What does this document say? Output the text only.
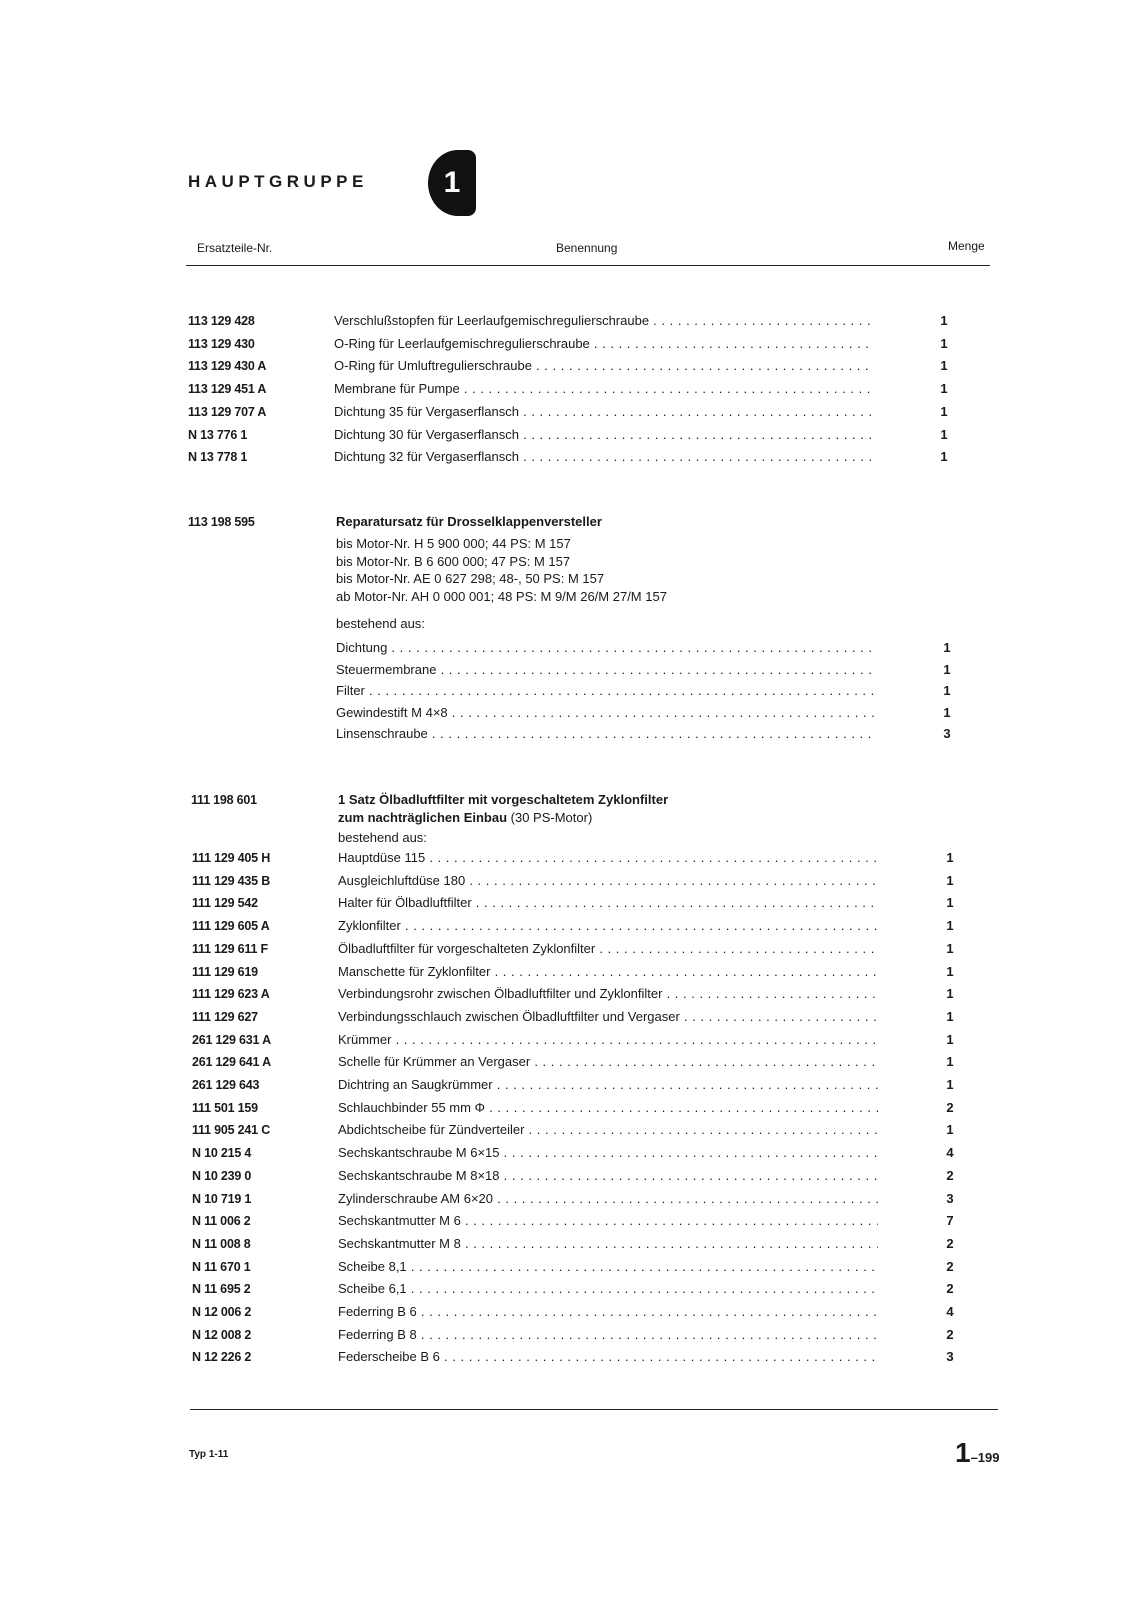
HAUPTGRUPPE	1
Ersatzteile-Nr.	Benennung	Menge
113 129 428	Verschlußstopfen für Leerlaufgemischregulierschraube . . .	1
113 129 430	O-Ring für Leerlaufgemischregulierschraube . . .	1
113 129 430 A	O-Ring für Umluftregulierschraube . . .	1
113 129 451 A	Membrane für Pumpe . . .	1
113 129 707 A	Dichtung 35 für Vergaserflansch . . .	1
N 13 776 1	Dichtung 30 für Vergaserflansch . . .	1
N 13 778 1	Dichtung 32 für Vergaserflansch . . .	1
113 198 595	Reparatursatz für Drosselklappenversteller
bis Motor-Nr. H 5 900 000; 44 PS: M 157
bis Motor-Nr. B 6 600 000; 47 PS: M 157
bis Motor-Nr. AE 0 627 298; 48-, 50 PS: M 157
ab Motor-Nr. AH 0 000 001; 48 PS: M 9/M 26/M 27/M 157
bestehend aus:
Dichtung . . .	1
Steuermembrane . . .	1
Filter . . .	1
Gewindestift M 4×8 . . .	1
Linsenschraube . . .	3
111 198 601	1 Satz Ölbadluftfilter mit vorgeschaltetem Zyklonfilter
zum nachträglichen Einbau (30 PS-Motor)
bestehend aus:
111 129 405 H	Hauptdüse 115 . . .	1
111 129 435 B	Ausgleichluftdüse 180 . . .	1
111 129 542	Halter für Ölbadluftfilter . . .	1
111 129 605 A	Zyklonfilter . . .	1
111 129 611 F	Ölbadluftfilter für vorgeschalteten Zyklonfilter . . .	1
111 129 619	Manschette für Zyklonfilter . . .	1
111 129 623 A	Verbindungsrohr zwischen Ölbadluftfilter und Zyklonfilter . . .	1
111 129 627	Verbindungsschlauch zwischen Ölbadluftfilter und Vergaser . . .	1
261 129 631 A	Krümmer . . .	1
261 129 641 A	Schelle für Krümmer an Vergaser . . .	1
261 129 643	Dichtring an Saugkrümmer . . .	1
111 501 159	Schlauchbinder 55 mm Φ . . .	2
111 905 241 C	Abdichtscheibe für Zündverteiler . . .	1
N 10 215 4	Sechskantschraube M 6×15 . . .	4
N 10 239 0	Sechskantschraube M 8×18 . . .	2
N 10 719 1	Zylinderschraube AM 6×20 . . .	3
N 11 006 2	Sechskantmutter M 6 . . .	7
N 11 008 8	Sechskantmutter M 8 . . .	2
N 11 670 1	Scheibe 8,1 . . .	2
N 11 695 2	Scheibe 6,1 . . .	2
N 12 006 2	Federring B 6 . . .	4
N 12 008 2	Federring B 8 . . .	2
N 12 226 2	Federscheibe B 6 . . .	3
Typ 1-11	1–199
